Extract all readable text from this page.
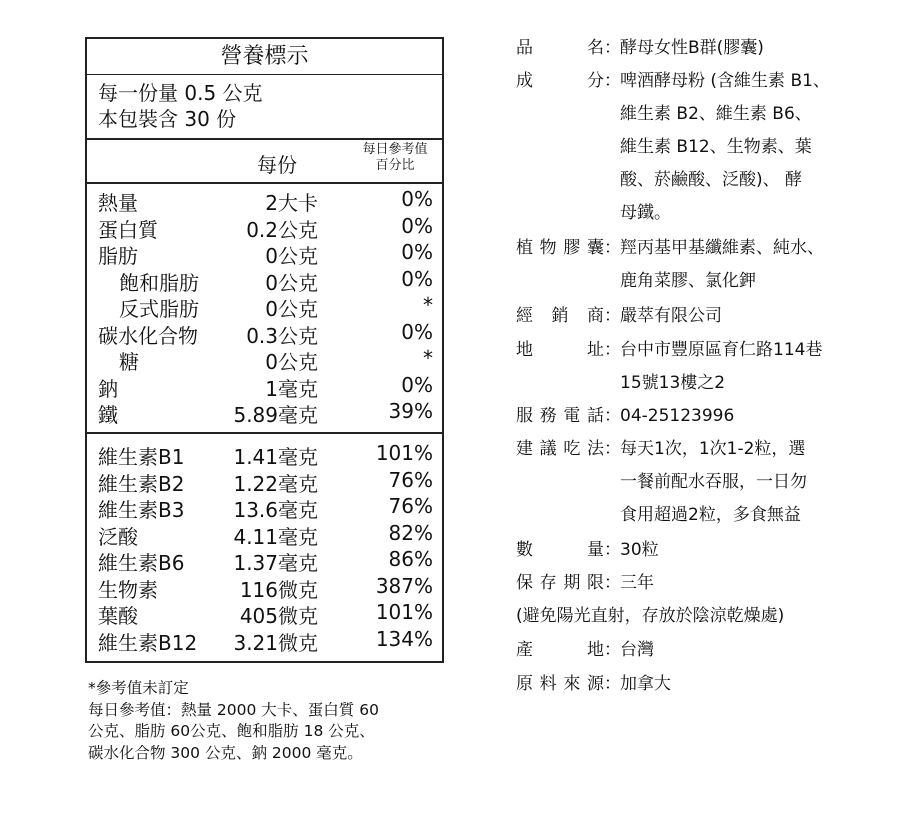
營養標示
每一份量 0.5 公克
本包裝含 30 份
每份
每日參考值
百分比
熱量	2大卡	0%
蛋白質	0.2公克	0%
脂肪	0公克	0%
飽和脂肪	0公克	0%
反式脂肪	0公克	*
碳水化合物 0.3公克	0%
糖	0公克	*
鈉	1毫克	0%
鐵	5.89毫克	39%
維生素B1 1.41毫克	101%
維生素B2 1.22毫克	76%
維生素B3 13.6毫克	76%
泛酸	4.11毫克	82%
維生素B6 1.37毫克	86%
生物素	116微克	387%
葉酸	405微克	101%
維生素B12 3.21微克	134%
*參考值未訂定
每日參考值：熱量 2000 大卡、蛋白質 60
公克、脂肪 60公克、飽和脂肪 18 公克、
碳水化合物 300 公克、鈉 2000 毫克。
品名：酵母女性B群(膠囊)
成分：啤酒酵母粉 (含維生素 B1、
維生素 B2、維生素 B6、
維生素 B12、生物素、葉
酸、菸鹼酸、泛酸)、 酵
母鐵。
植物膠囊：羥丙基甲基纖維素、純水、
鹿角菜膠、氯化鉀
經銷商：嚴萃有限公司
地址：台中市豐原區育仁路114巷
15號13樓之2
服務電話：04-25123996
建議吃法：每天1次，1次1-2粒，選
一餐前配水吞服，一日勿
食用超過2粒，多食無益
數量：30粒
保存期限：三年
(避免陽光直射，存放於陰涼乾燥處)
產地：台灣
原料來源：加拿大
